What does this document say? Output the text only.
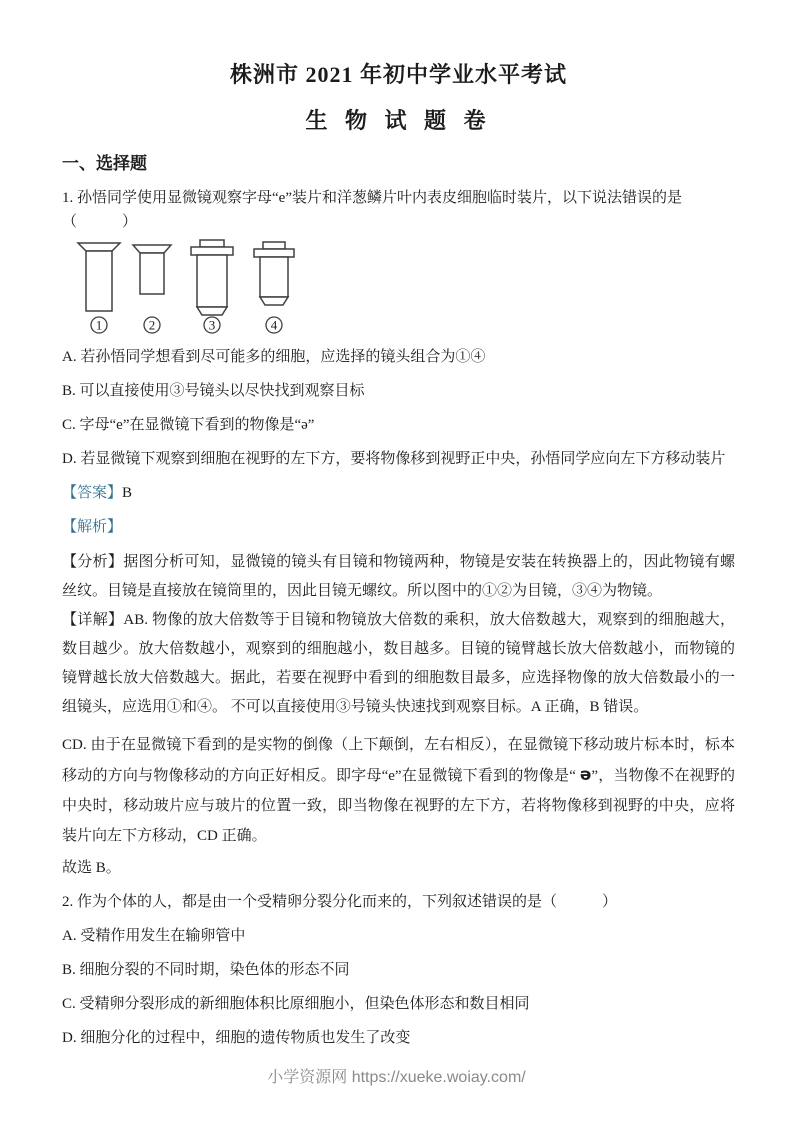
株洲市 2021 年初中学业水平考试
生 物 试 题 卷
一、选择题
1. 孙悟同学使用显微镜观察字母“e”装片和洋葱鳞片叶内表皮细胞临时装片，以下说法错误的是（　　　）
1	2	3	4
A. 若孙悟同学想看到尽可能多的细胞，应选择的镜头组合为①④
B. 可以直接使用③号镜头以尽快找到观察目标
C. 字母“e”在显微镜下看到的物像是“ə”
D. 若显微镜下观察到细胞在视野的左下方，要将物像移到视野正中央，孙悟同学应向左下方移动装片
【答案】B
【解析】
【分析】据图分析可知，显微镜的镜头有目镜和物镜两种，物镜是安装在转换器上的，因此物镜有螺丝纹。目镜是直接放在镜筒里的，因此目镜无螺纹。所以图中的①②为目镜，③④为物镜。
【详解】AB. 物像的放大倍数等于目镜和物镜放大倍数的乘积，放大倍数越大，观察到的细胞越大，数目越少。放大倍数越小，观察到的细胞越小，数目越多。目镜的镜臂越长放大倍数越小，而物镜的镜臂越长放大倍数越大。据此，若要在视野中看到的细胞数目最多，应选择物像的放大倍数最小的一组镜头，应选用①和④。 不可以直接使用③号镜头快速找到观察目标。A 正确，B 错误。
CD. 由于在显微镜下看到的是实物的倒像（上下颠倒，左右相反），在显微镜下移动玻片标本时，标本移动的方向与物像移动的方向正好相反。即字母“e”在显微镜下看到的物像是“ ə”，当物像不在视野的中央时，移动玻片应与玻片的位置一致，即当物像在视野的左下方，若将物像移到视野的中央，应将装片向左下方移动，CD 正确。
故选 B。
2. 作为个体的人，都是由一个受精卵分裂分化而来的，下列叙述错误的是（　　　）
A. 受精作用发生在输卵管中
B. 细胞分裂的不同时期，染色体的形态不同
C. 受精卵分裂形成的新细胞体积比原细胞小，但染色体形态和数目相同
D. 细胞分化的过程中，细胞的遗传物质也发生了改变
小学资源网 https://xueke.woiay.com/
